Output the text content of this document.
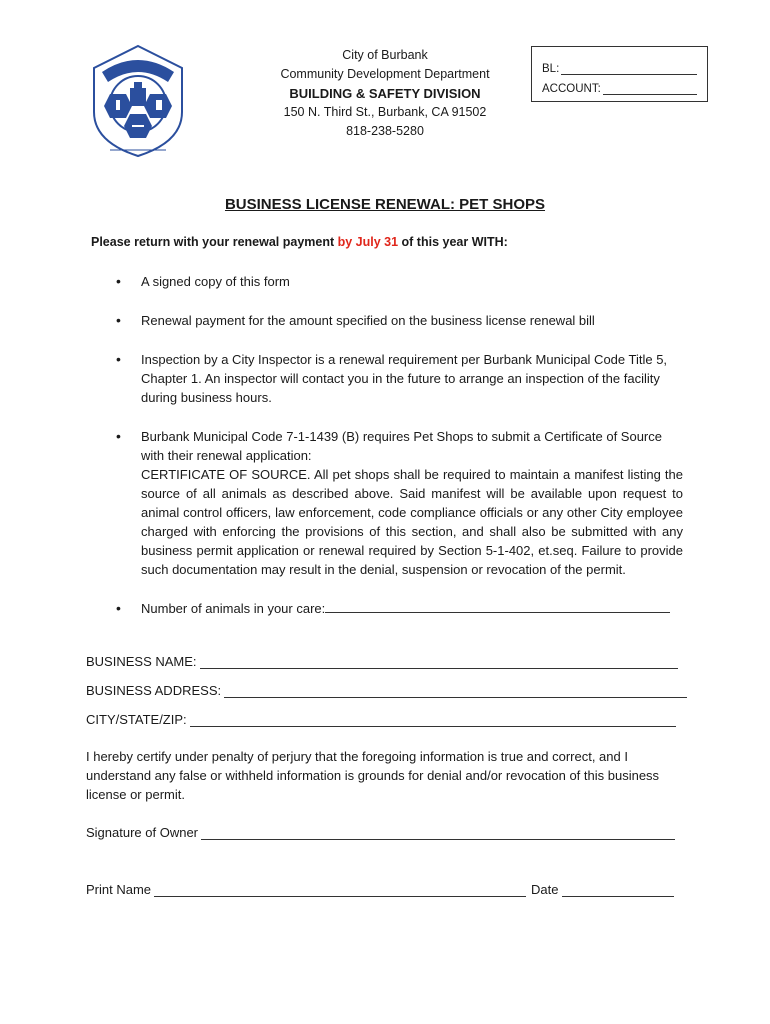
City of Burbank
Community Development Department
BUILDING & SAFETY DIVISION
150 N. Third St., Burbank, CA 91502
818-238-5280
BL:
ACCOUNT:
BUSINESS LICENSE RENEWAL: PET SHOPS
Please return with your renewal payment by July 31 of this year WITH:
• A signed copy of this form
• Renewal payment for the amount specified on the business license renewal bill
• Inspection by a City Inspector is a renewal requirement per Burbank Municipal Code Title 5, Chapter 1. An inspector will contact you in the future to arrange an inspection of the facility during business hours.
• Burbank Municipal Code 7-1-1439 (B) requires Pet Shops to submit a Certificate of Source with their renewal application:
CERTIFICATE OF SOURCE. All pet shops shall be required to maintain a manifest listing the source of all animals as described above. Said manifest will be available upon request to animal control officers, law enforcement, code compliance officials or any other City employee charged with enforcing the provisions of this section, and shall also be submitted with any business permit application or renewal required by Section 5-1-402, et.seq. Failure to provide such documentation may result in the denial, suspension or revocation of the permit.
• Number of animals in your care:
BUSINESS NAME:
BUSINESS ADDRESS:
CITY/STATE/ZIP:
I hereby certify under penalty of perjury that the foregoing information is true and correct, and I understand any false or withheld information is grounds for denial and/or revocation of this business license or permit.
Signature of Owner
Print Name	Date
